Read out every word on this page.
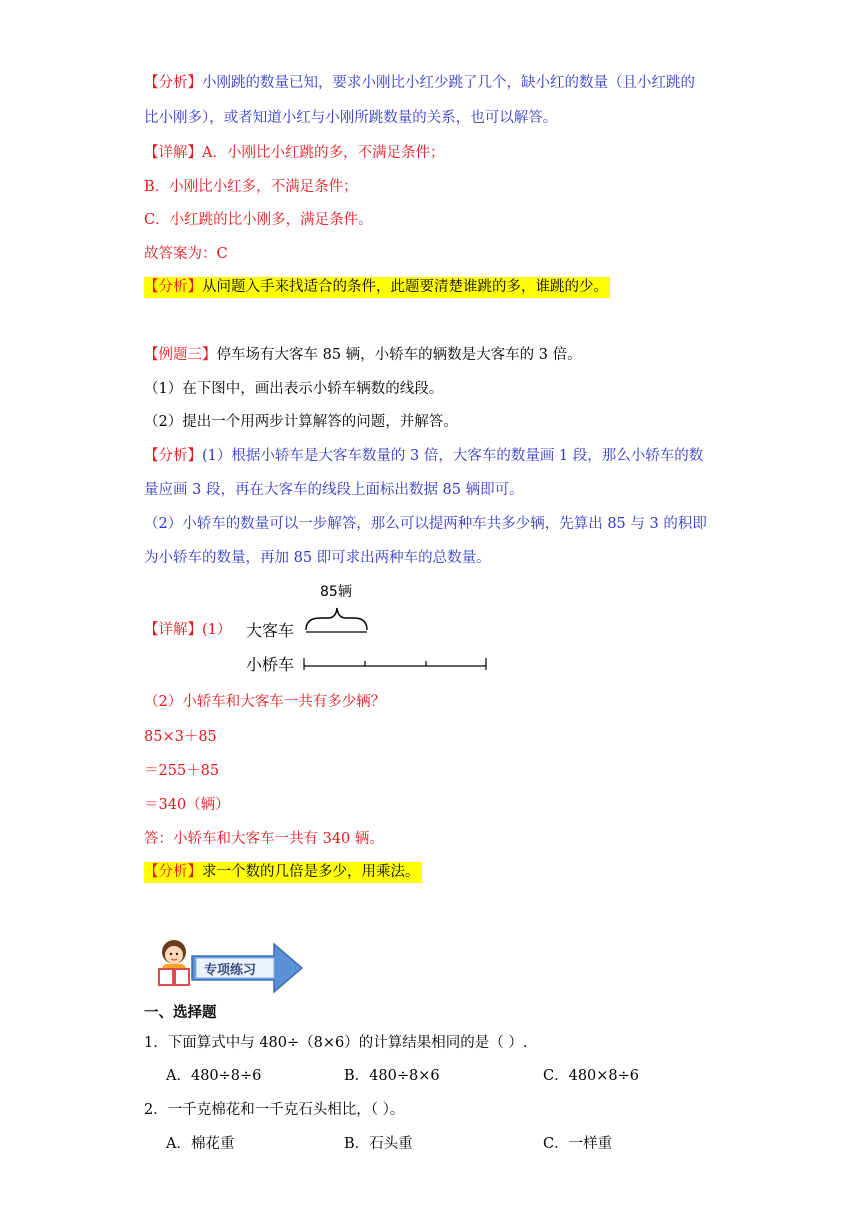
【分析】小刚跳的数量已知，要求小刚比小红少跳了几个，缺小红的数量（且小红跳的
比小刚多），或者知道小红与小刚所跳数量的关系，也可以解答。
【详解】A．小刚比小红跳的多，不满足条件；
B．小刚比小红多，不满足条件；
C．小红跳的比小刚多，满足条件。
故答案为：C
【分析】从问题入手来找适合的条件，此题要清楚谁跳的多，谁跳的少。
【例题三】停车场有大客车 85 辆，小轿车的辆数是大客车的 3 倍。
（1）在下图中，画出表示小轿车辆数的线段。
（2）提出一个用两步计算解答的问题，并解答。
【分析】(1）根据小轿车是大客车数量的 3 倍，大客车的数量画 1 段，那么小轿车的数
量应画 3 段，再在大客车的线段上面标出数据 85 辆即可。
（2）小轿车的数量可以一步解答，那么可以提两种车共多少辆，先算出 85 与 3 的积即
为小轿车的数量，再加 85 即可求出两种车的总数量。
【详解】(1）
85辆
大客车
小桥车
（2）小轿车和大客车一共有多少辆？
85×3＋85
＝255＋85
＝340（辆）
答：小轿车和大客车一共有 340 辆。
【分析】求一个数的几倍是多少，用乘法。
专项练习
一、选择题
1．下面算式中与 480÷（8×6）的计算结果相同的是（ ）.
A．480÷8÷6	B．480÷8×6	C．480×8÷6
2．一千克棉花和一千克石头相比，（ ）。
A．棉花重	B．石头重	C．一样重
